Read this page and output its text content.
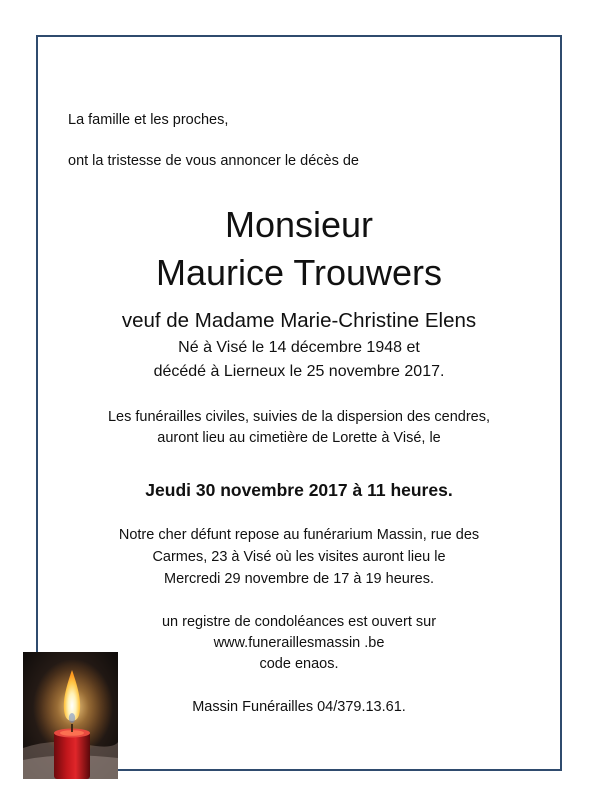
La famille et les proches,

ont la tristesse de vous annoncer le décès de

Monsieur

Maurice Trouwers

veuf de Madame Marie-Christine Elens

Né à Visé le 14 décembre 1948 et

décédé à Lierneux le 25 novembre 2017.

Les funérailles civiles, suivies de la dispersion des cendres,

auront lieu au cimetière de Lorette à Visé, le

Jeudi 30 novembre 2017 à 11 heures.

Notre cher défunt repose au funérarium Massin, rue des

Carmes, 23 à Visé où les visites auront lieu le

Mercredi 29 novembre de 17 à 19 heures.

un registre de condoléances est ouvert sur

www.funeraillesmassin .be

code enaos.

Massin Funérailles 04/379.13.61.
